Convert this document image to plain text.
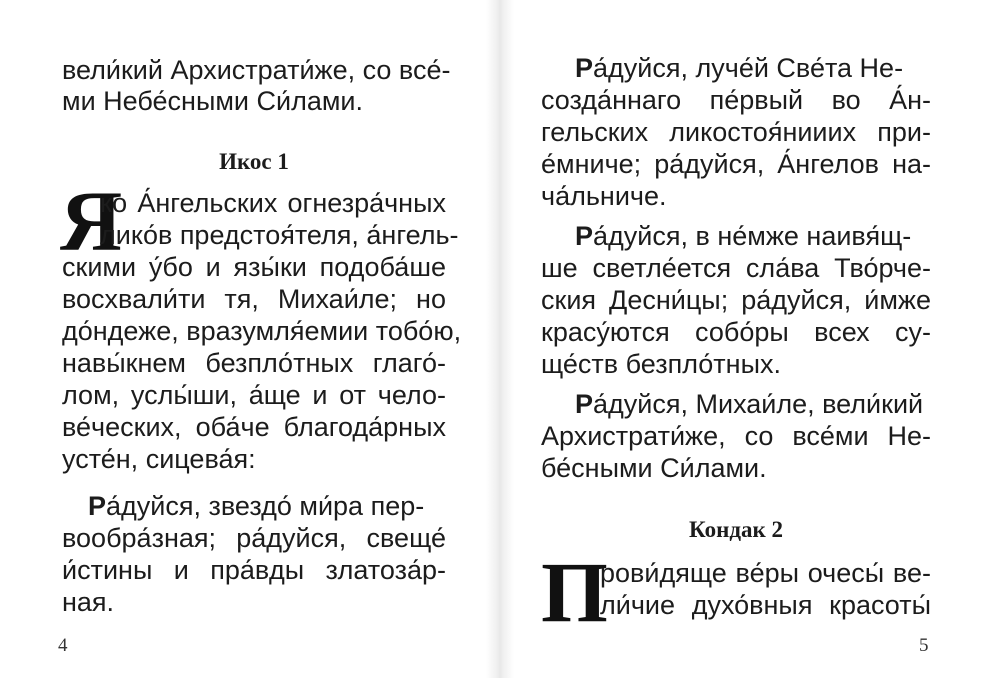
вели́кий Архистрати́же, со все́-
ми Небе́сными Си́лами.
Икос 1
Я
ко А́нгельских огнезра́чных
лико́в предстоя́теля, а́нгель-
скими у́бо и язы́ки подоба́ше
восхвали́ти тя, Михаи́ле; но
до́ндеже, вразумля́емии тобо́ю,
навы́кнем безпло́тных глаго́-
лом, услы́ши, а́ще и от чело-
ве́ческих, оба́че благода́рных
усте́н, сицева́я:
Ра́дуйся, звездо́ ми́ра пер-
вообра́зная; ра́дуйся, свеще́
и́стины и пра́вды златоза́р-
ная.
4
Ра́дуйся, луче́й Све́та Не-
созда́ннаго пе́рвый во А́н-
гельских ликостоя́нииих при-
е́мниче; ра́дуйся, А́нгелов на-
ча́льниче.
Ра́дуйся, в не́мже наивя́щ-
ше светле́ется сла́ва Тво́рче-
ския Десни́цы; ра́дуйся, и́мже
красу́ются собо́ры всех су-
ще́ств безпло́тных.
Ра́дуйся, Михаи́ле, вели́кий
Архистрати́же, со все́ми Не-
бе́сными Си́лами.
Кондак 2
П
рови́дяще ве́ры очесы́ ве-
ли́чие духо́вныя красоты́
5
